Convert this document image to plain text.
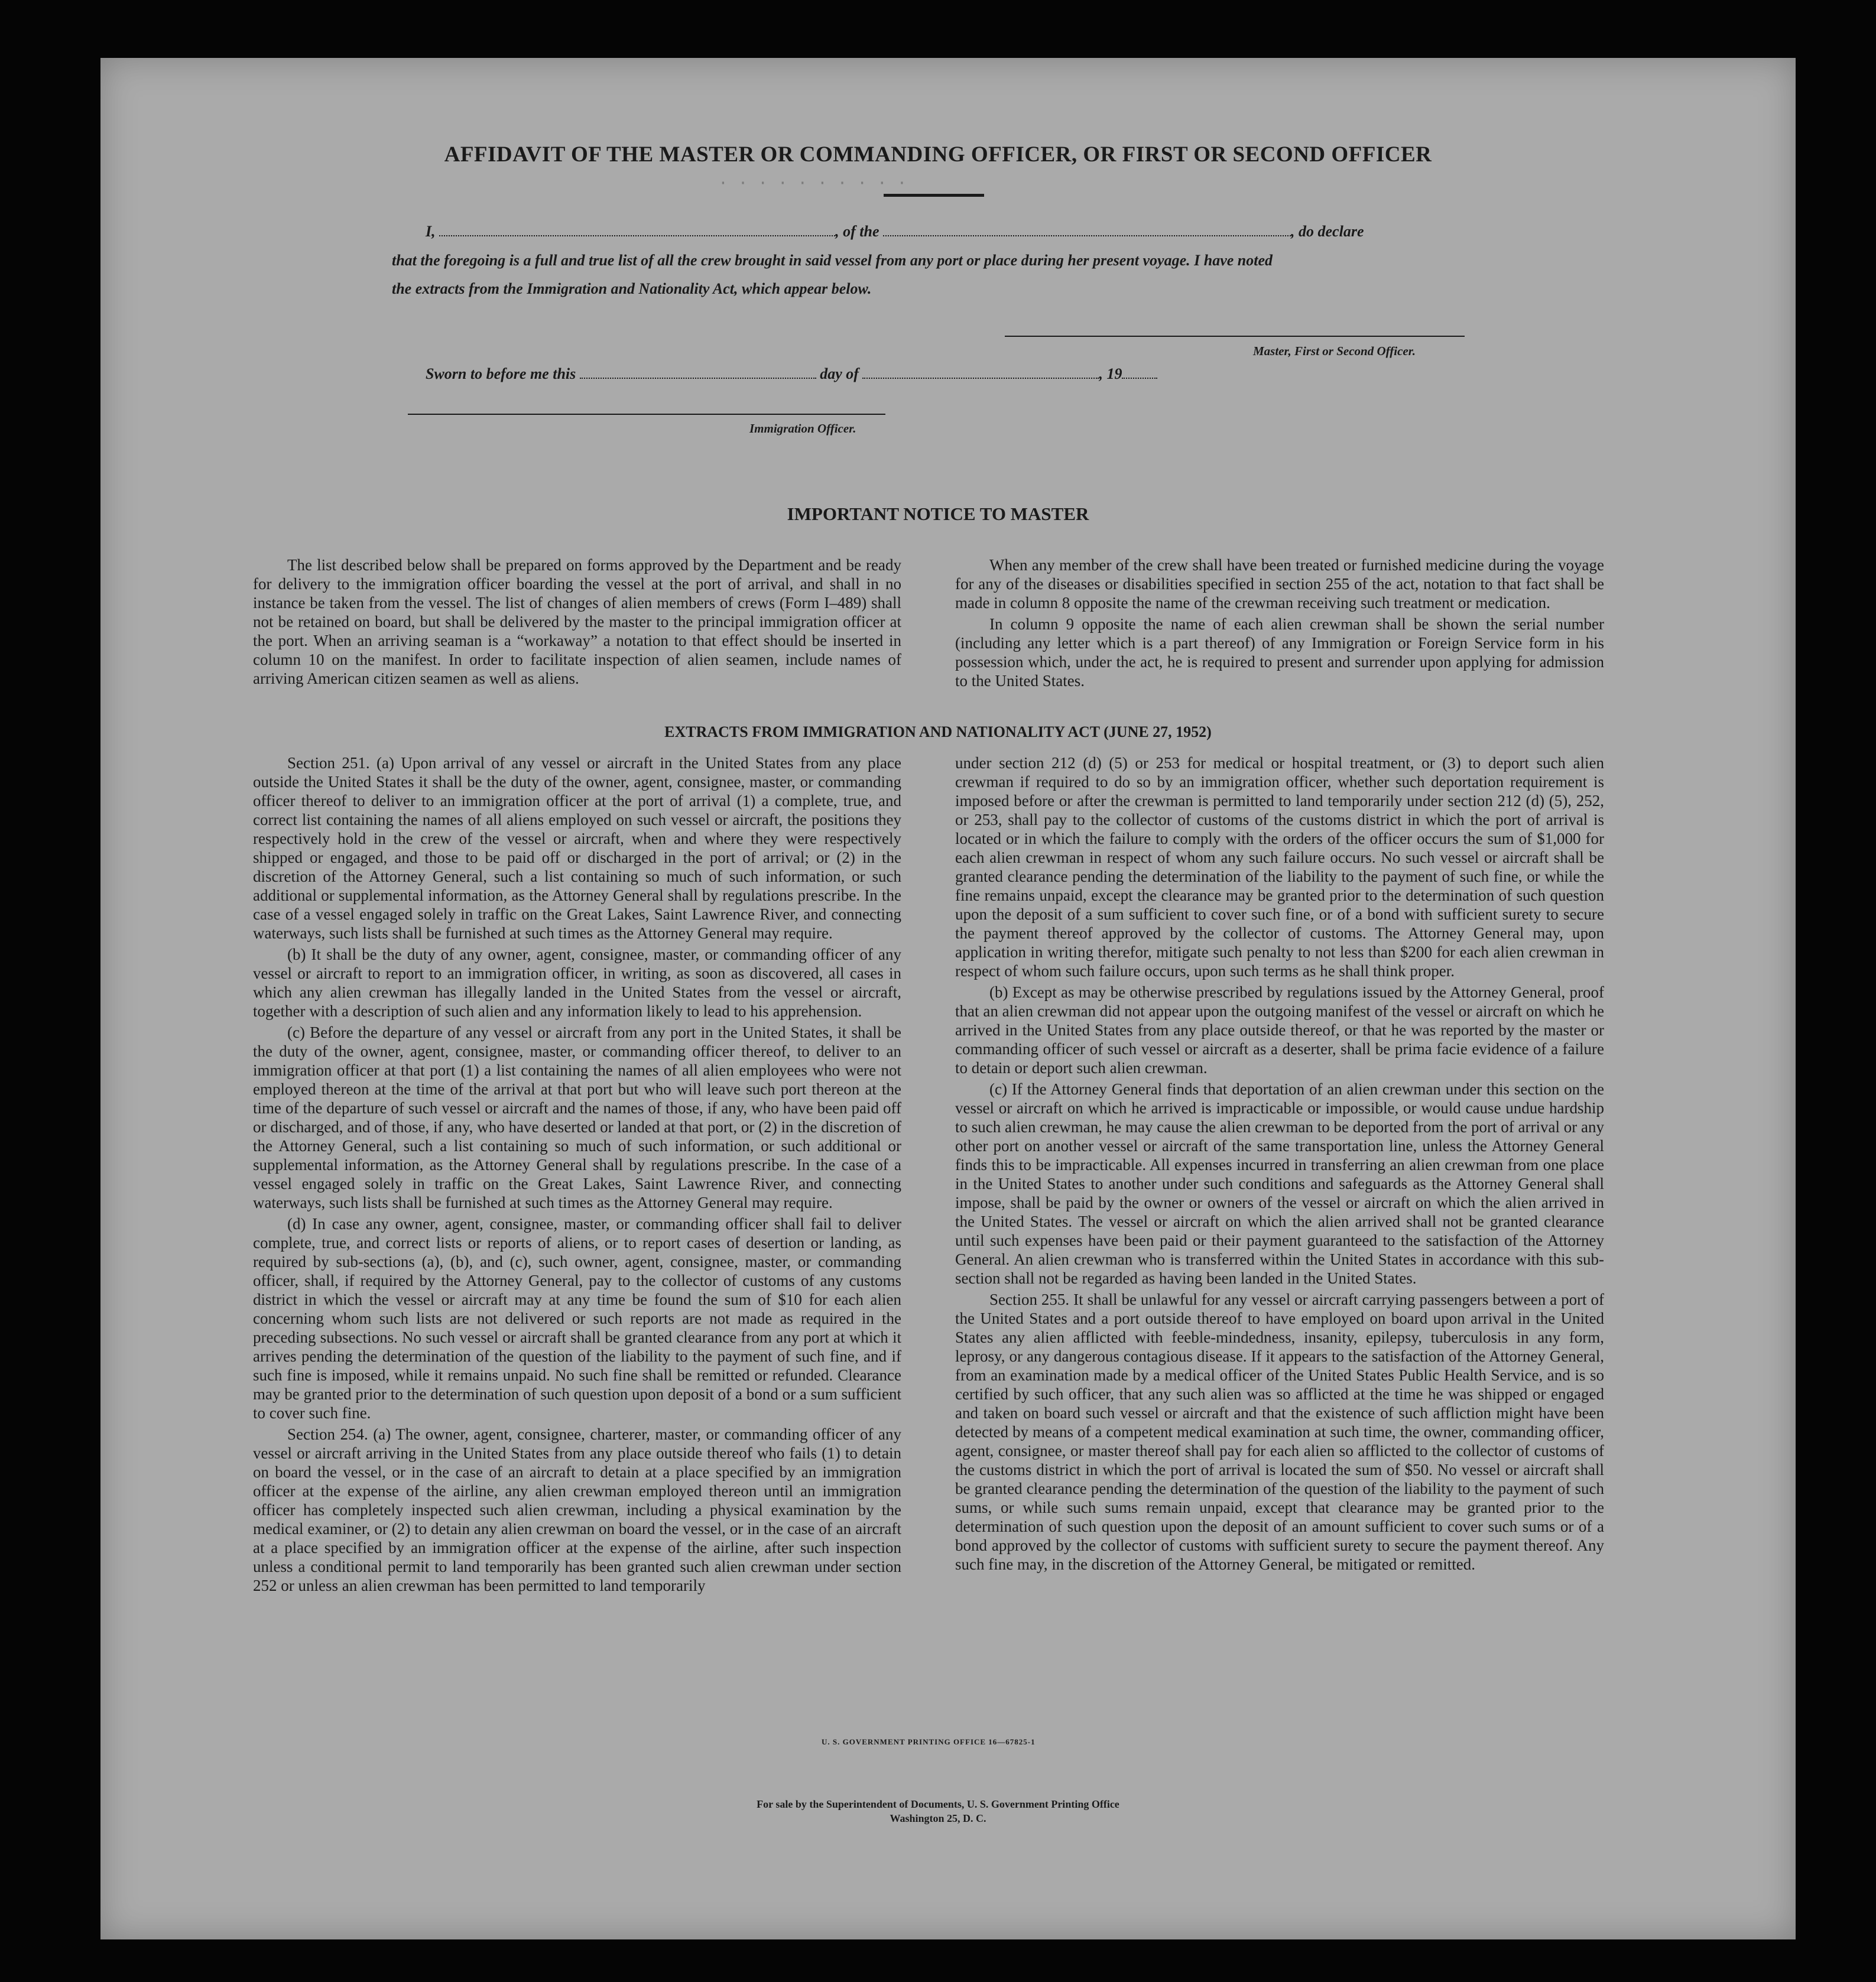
· · · · · · · · · ·
AFFIDAVIT OF THE MASTER OR COMMANDING OFFICER, OR FIRST OR SECOND OFFICER
I,	, of the	, do declare
that the foregoing is a full and true list of all the crew brought in said vessel from any port or place during her present voyage. I have noted
the extracts from the Immigration and Nationality Act, which appear below.
Master, First or Second Officer.
Sworn to before me this	day of	, 19
Immigration Officer.
IMPORTANT NOTICE TO MASTER

The list described below shall be prepared on forms approved by the Department and be ready for delivery to the immigration officer boarding the vessel at the port of arrival, and shall in no instance be taken from the vessel. The list of changes of alien members of crews (Form I–489) shall not be retained on board, but shall be delivered by the master to the principal immigration officer at the port. When an arriving seaman is a “workaway” a notation to that effect should be inserted in column 10 on the manifest. In order to facilitate inspection of alien seamen, include names of arriving American citizen seamen as well as aliens.

When any member of the crew shall have been treated or furnished medicine during the voyage for any of the diseases or disabilities specified in section 255 of the act, notation to that fact shall be made in column 8 opposite the name of the crewman receiving such treatment or medication.

In column 9 opposite the name of each alien crewman shall be shown the serial number (including any letter which is a part thereof) of any Immigration or Foreign Service form in his possession which, under the act, he is required to present and surrender upon applying for admission to the United States.

EXTRACTS FROM IMMIGRATION AND NATIONALITY ACT (JUNE 27, 1952)

Section 251. (a) Upon arrival of any vessel or aircraft in the United States from any place outside the United States it shall be the duty of the owner, agent, consignee, master, or commanding officer thereof to deliver to an immigration officer at the port of arrival (1) a complete, true, and correct list containing the names of all aliens employed on such vessel or aircraft, the positions they respectively hold in the crew of the vessel or aircraft, when and where they were respectively shipped or engaged, and those to be paid off or discharged in the port of arrival; or (2) in the discretion of the Attorney General, such a list containing so much of such information, or such additional or supplemental information, as the Attorney General shall by regulations prescribe. In the case of a vessel engaged solely in traffic on the Great Lakes, Saint Lawrence River, and connecting waterways, such lists shall be furnished at such times as the Attorney General may require.

(b) It shall be the duty of any owner, agent, consignee, master, or commanding officer of any vessel or aircraft to report to an immigration officer, in writing, as soon as discovered, all cases in which any alien crewman has illegally landed in the United States from the vessel or aircraft, together with a description of such alien and any information likely to lead to his apprehension.

(c) Before the departure of any vessel or aircraft from any port in the United States, it shall be the duty of the owner, agent, consignee, master, or commanding officer thereof, to deliver to an immigration officer at that port (1) a list containing the names of all alien employees who were not employed thereon at the time of the arrival at that port but who will leave such port thereon at the time of the departure of such vessel or aircraft and the names of those, if any, who have been paid off or discharged, and of those, if any, who have deserted or landed at that port, or (2) in the discretion of the Attorney General, such a list containing so much of such information, or such additional or supplemental information, as the Attorney General shall by regulations prescribe. In the case of a vessel engaged solely in traffic on the Great Lakes, Saint Lawrence River, and connecting waterways, such lists shall be furnished at such times as the Attorney General may require.

(d) In case any owner, agent, consignee, master, or commanding officer shall fail to deliver complete, true, and correct lists or reports of aliens, or to report cases of desertion or landing, as required by sub-sections (a), (b), and (c), such owner, agent, consignee, master, or commanding officer, shall, if required by the Attorney General, pay to the collector of customs of any customs district in which the vessel or aircraft may at any time be found the sum of $10 for each alien concerning whom such lists are not delivered or such reports are not made as required in the preceding subsections. No such vessel or aircraft shall be granted clearance from any port at which it arrives pending the determination of the question of the liability to the payment of such fine, and if such fine is imposed, while it remains unpaid. No such fine shall be remitted or refunded. Clearance may be granted prior to the determination of such question upon deposit of a bond or a sum sufficient to cover such fine.

Section 254. (a) The owner, agent, consignee, charterer, master, or commanding officer of any vessel or aircraft arriving in the United States from any place outside thereof who fails (1) to detain on board the vessel, or in the case of an aircraft to detain at a place specified by an immigration officer at the expense of the airline, any alien crewman employed thereon until an immigration officer has completely inspected such alien crewman, including a physical examination by the medical examiner, or (2) to detain any alien crewman on board the vessel, or in the case of an aircraft at a place specified by an immigration officer at the expense of the airline, after such inspection unless a conditional permit to land temporarily has been granted such alien crewman under section 252 or unless an alien crewman has been permitted to land temporarily

under section 212 (d) (5) or 253 for medical or hospital treatment, or (3) to deport such alien crewman if required to do so by an immigration officer, whether such deportation requirement is imposed before or after the crewman is permitted to land temporarily under section 212 (d) (5), 252, or 253, shall pay to the collector of customs of the customs district in which the port of arrival is located or in which the failure to comply with the orders of the officer occurs the sum of $1,000 for each alien crewman in respect of whom any such failure occurs. No such vessel or aircraft shall be granted clearance pending the determination of the liability to the payment of such fine, or while the fine remains unpaid, except the clearance may be granted prior to the determination of such question upon the deposit of a sum sufficient to cover such fine, or of a bond with sufficient surety to secure the payment thereof approved by the collector of customs. The Attorney General may, upon application in writing therefor, mitigate such penalty to not less than $200 for each alien crewman in respect of whom such failure occurs, upon such terms as he shall think proper.

(b) Except as may be otherwise prescribed by regulations issued by the Attorney General, proof that an alien crewman did not appear upon the outgoing manifest of the vessel or aircraft on which he arrived in the United States from any place outside thereof, or that he was reported by the master or commanding officer of such vessel or aircraft as a deserter, shall be prima facie evidence of a failure to detain or deport such alien crewman.

(c) If the Attorney General finds that deportation of an alien crewman under this section on the vessel or aircraft on which he arrived is impracticable or impossible, or would cause undue hardship to such alien crewman, he may cause the alien crewman to be deported from the port of arrival or any other port on another vessel or aircraft of the same transportation line, unless the Attorney General finds this to be impracticable. All expenses incurred in transferring an alien crewman from one place in the United States to another under such conditions and safeguards as the Attorney General shall impose, shall be paid by the owner or owners of the vessel or aircraft on which the alien arrived in the United States. The vessel or aircraft on which the alien arrived shall not be granted clearance until such expenses have been paid or their payment guaranteed to the satisfaction of the Attorney General. An alien crewman who is transferred within the United States in accordance with this sub-section shall not be regarded as having been landed in the United States.

Section 255. It shall be unlawful for any vessel or aircraft carrying passengers between a port of the United States and a port outside thereof to have employed on board upon arrival in the United States any alien afflicted with feeble-mindedness, insanity, epilepsy, tuberculosis in any form, leprosy, or any dangerous contagious disease. If it appears to the satisfaction of the Attorney General, from an examination made by a medical officer of the United States Public Health Service, and is so certified by such officer, that any such alien was so afflicted at the time he was shipped or engaged and taken on board such vessel or aircraft and that the existence of such affliction might have been detected by means of a competent medical examination at such time, the owner, commanding officer, agent, consignee, or master thereof shall pay for each alien so afflicted to the collector of customs of the customs district in which the port of arrival is located the sum of $50. No vessel or aircraft shall be granted clearance pending the determination of the question of the liability to the payment of such sums, or while such sums remain unpaid, except that clearance may be granted prior to the determination of such question upon the deposit of an amount sufficient to cover such sums or of a bond approved by the collector of customs with sufficient surety to secure the payment thereof. Any such fine may, in the discretion of the Attorney General, be mitigated or remitted.

U. S. GOVERNMENT PRINTING OFFICE 16—67825-1
For sale by the Superintendent of Documents, U. S. Government Printing Office
Washington 25, D. C.
